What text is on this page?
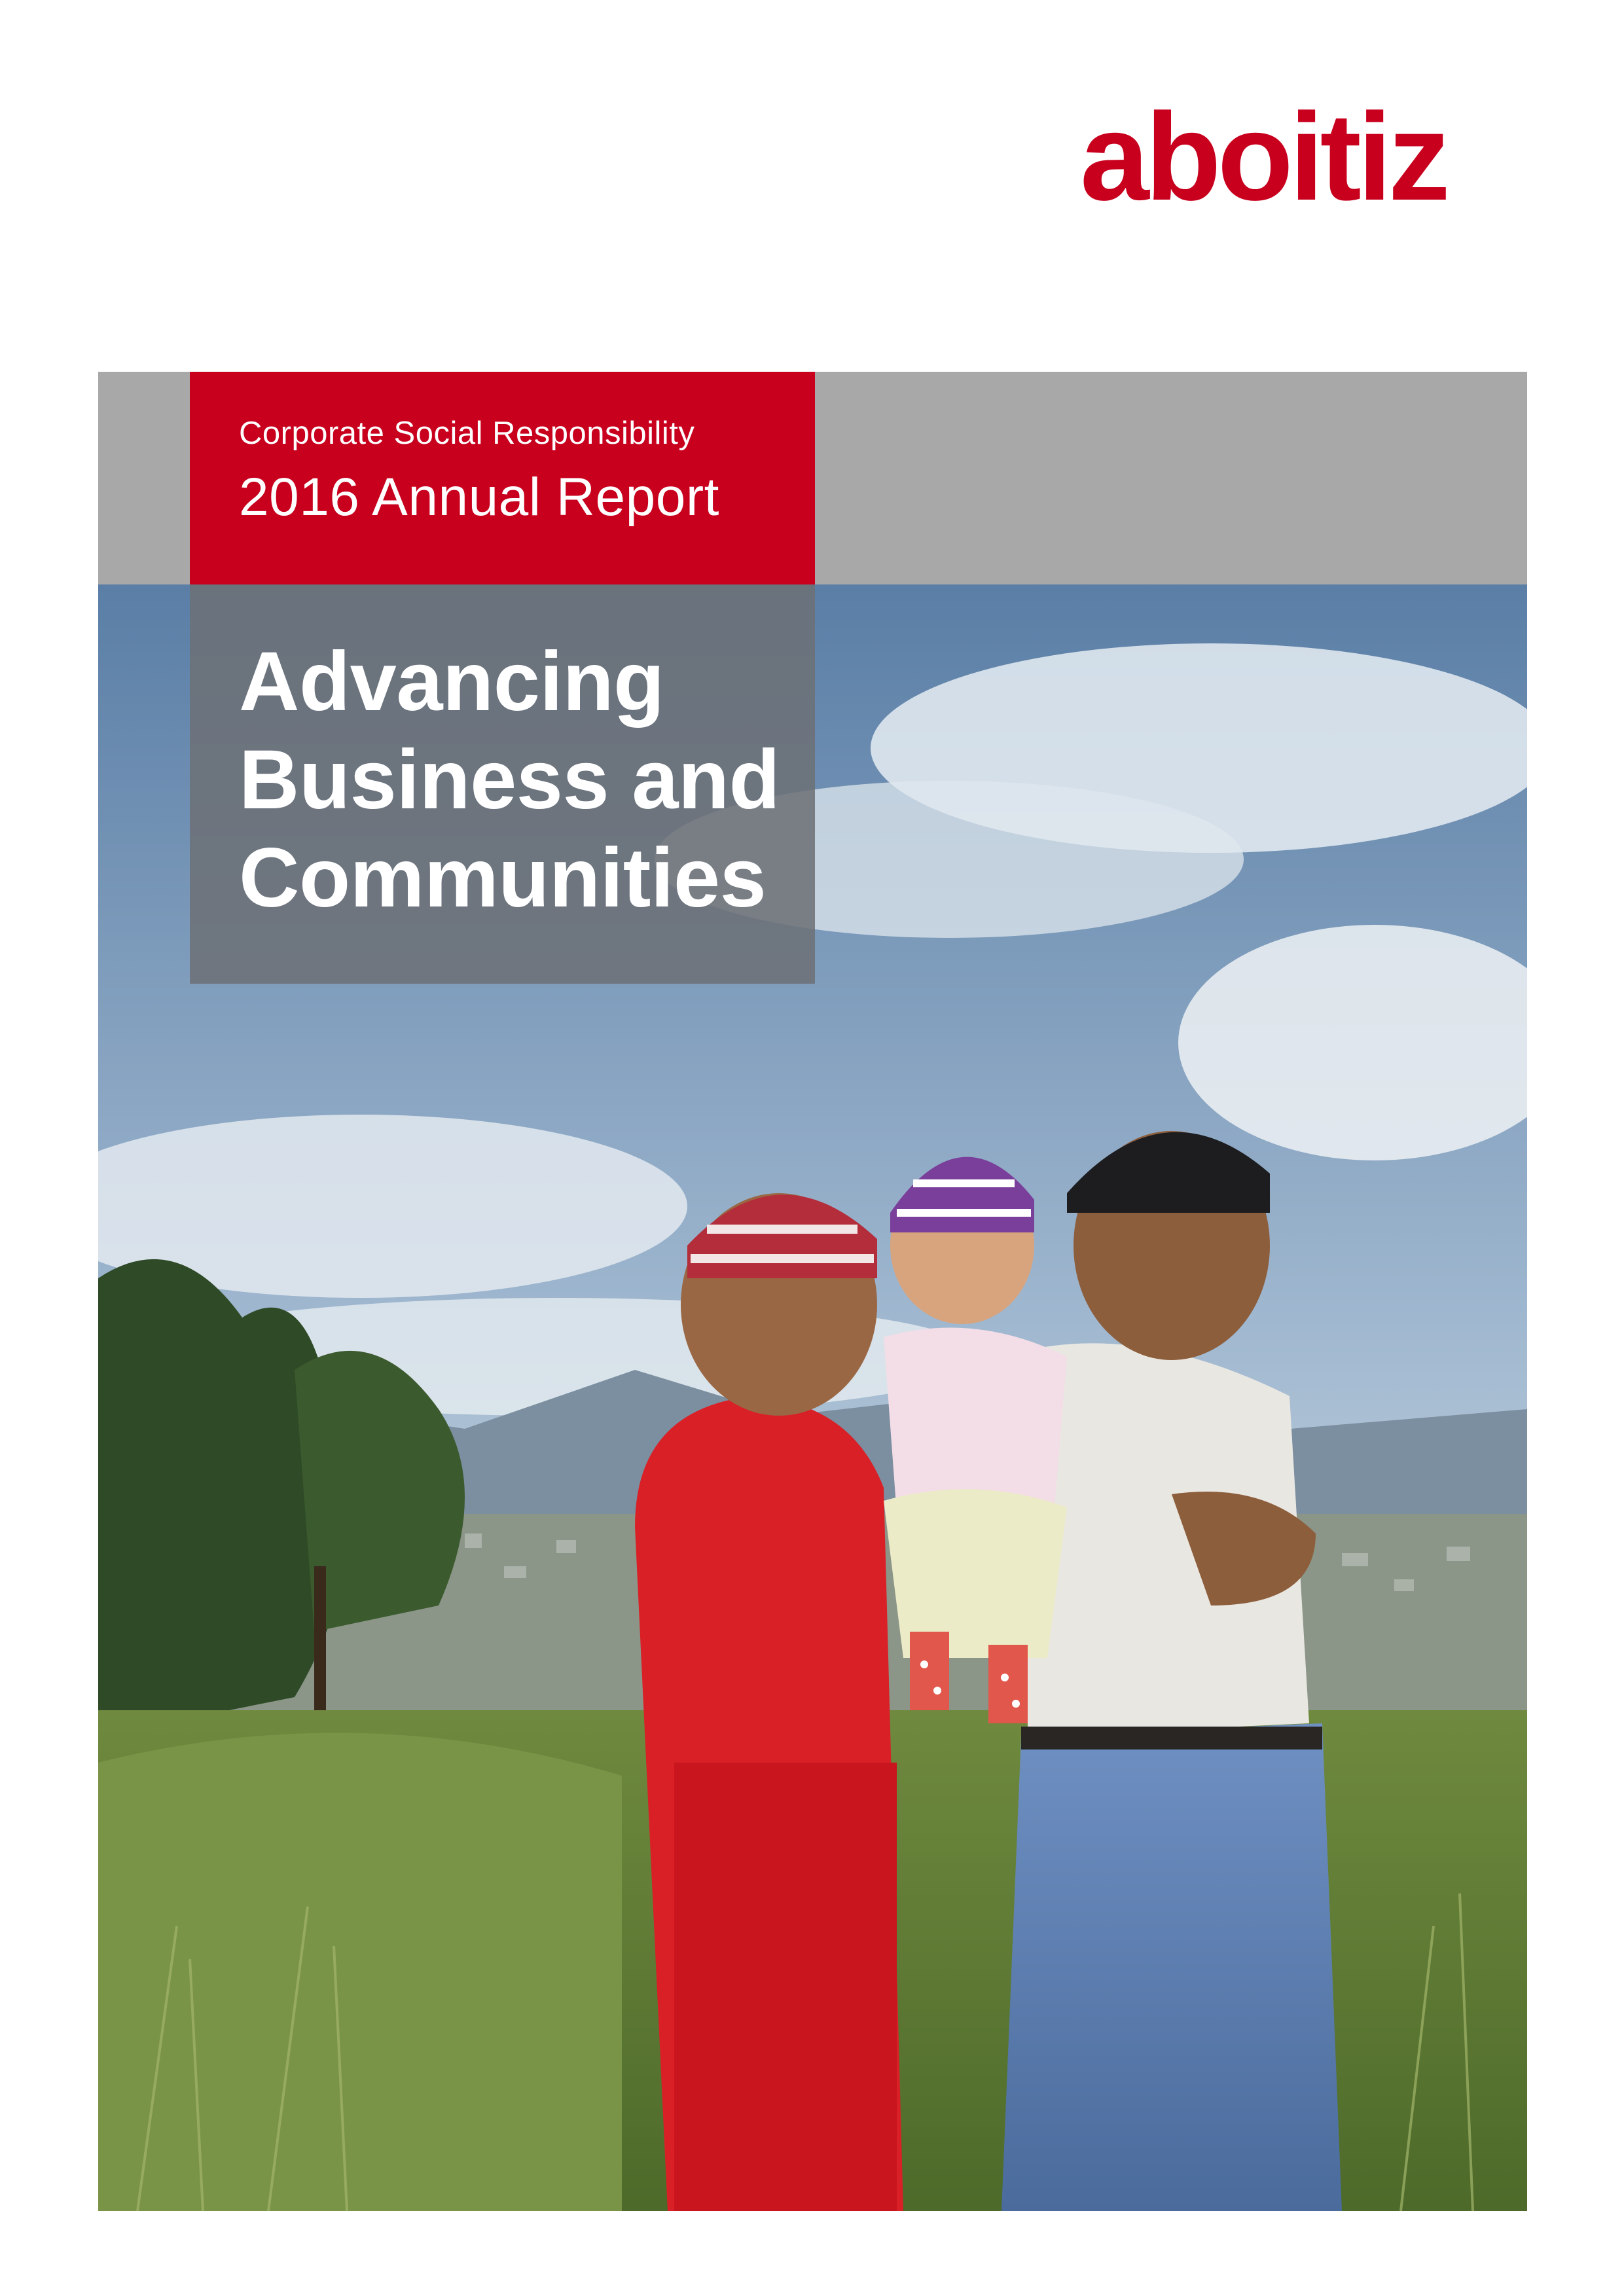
aboitiz
Corporate Social Responsibility
2016 Annual Report
Advancing
Business and
Communities
